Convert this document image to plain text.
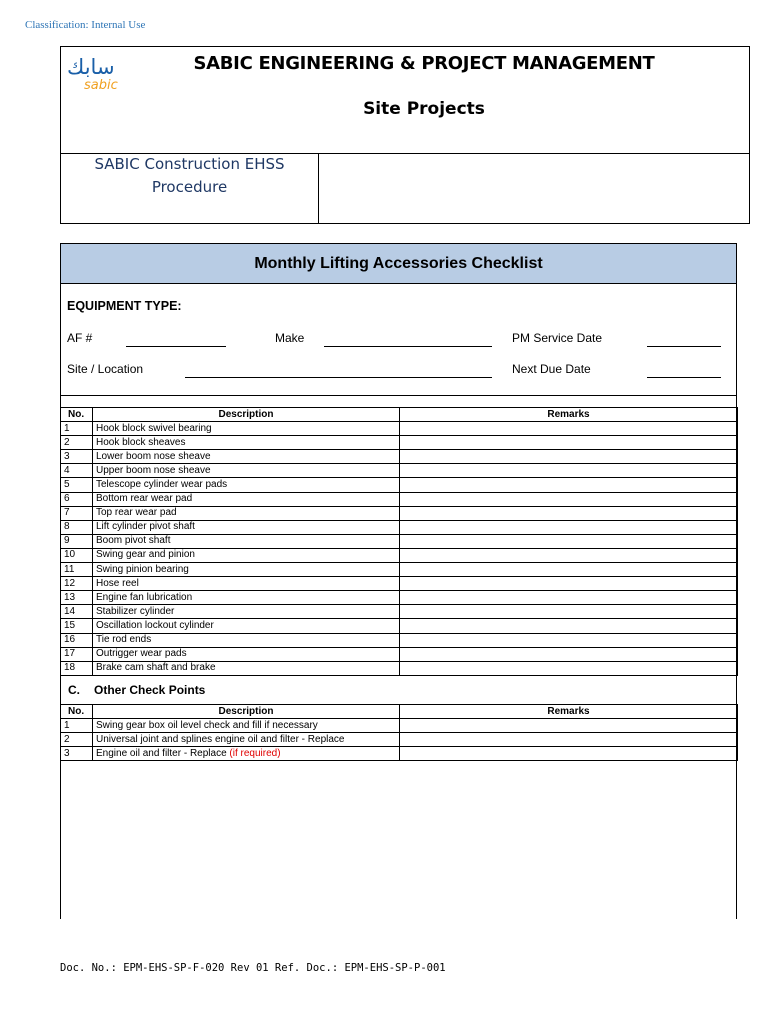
Classification: Internal Use
سابك
sabic
SABIC ENGINEERING & PROJECT MANAGEMENT
Site Projects
SABIC Construction EHSS
Procedure
Monthly Lifting Accessories Checklist
EQUIPMENT TYPE:
AF #	Make	PM Service Date
Site / Location	Next Due Date
No.	Description	Remarks
1	Hook block swivel bearing	
2	Hook block sheaves	
3	Lower boom nose sheave	
4	Upper boom nose sheave	
5	Telescope cylinder wear pads	
6	Bottom rear wear pad	
7	Top rear wear pad	
8	Lift cylinder pivot shaft	
9	Boom pivot shaft	
10	Swing gear and pinion	
11	Swing pinion bearing	
12	Hose reel	
13	Engine fan lubrication	
14	Stabilizer cylinder	
15	Oscillation lockout cylinder	
16	Tie rod ends	
17	Outrigger wear pads	
18	Brake cam shaft and brake	
C. Other Check Points
No.	Description	Remarks
1	Swing gear box oil level check and fill if necessary	
2	Universal joint and splines engine oil and filter - Replace	
3	Engine oil and filter - Replace (if required)	
Doc. No.: EPM-EHS-SP-F-020 Rev 01 Ref. Doc.: EPM-EHS-SP-P-001
